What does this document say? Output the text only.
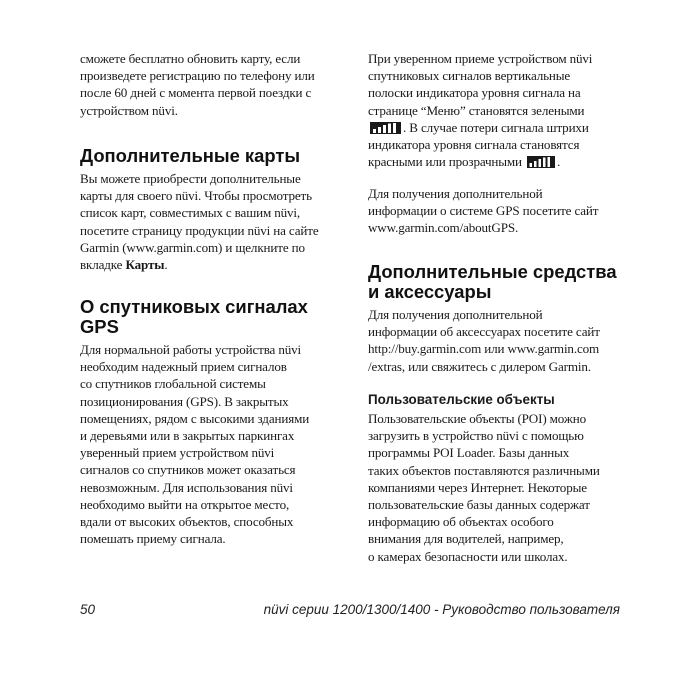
сможете бесплатно обновить карту, если
произведете регистрацию по телефону или
после 60 дней с момента первой поездки с
устройством nüvi.

Дополнительные карты

Вы можете приобрести дополнительные
карты для своего nüvi. Чтобы просмотреть
список карт, совместимых с вашим nüvi,
посетите страницу продукции nüvi на сайте
Garmin (www.garmin.com) и щелкните по
вкладке Карты.

О спутниковых сигналах
GPS

Для нормальной работы устройства nüvi
необходим надежный прием сигналов
со спутников глобальной системы
позиционирования (GPS). В закрытых
помещениях, рядом с высокими зданиями
и деревьями или в закрытых паркингах
уверенный прием устройством nüvi
сигналов со спутников может оказаться
невозможным. Для использования nüvi
необходимо выйти на открытое место,
вдали от высоких объектов, способных
помешать приему сигнала.

При уверенном приеме устройством nüvi
спутниковых сигналов вертикальные
полоски индикатора уровня сигнала на
странице “Меню” становятся зелеными

. В случае потери сигнала штрихи
индикатора уровня сигнала становятся
красными или прозрачными	.

Для получения дополнительной
информации о системе GPS посетите сайт
www.garmin.com/aboutGPS.

Дополнительные средства
и аксессуары

Для получения дополнительной
информации об аксессуарах посетите сайт
http://buy.garmin.com или www.garmin.com
/extras, или свяжитесь с дилером Garmin.

Пользовательские объекты

Пользовательские объекты (POI) можно
загрузить в устройство nüvi с помощью
программы POI Loader. Базы данных
таких объектов поставляются различными
компаниями через Интернет. Некоторые
пользовательские базы данных содержат
информацию об объектах особого
внимания для водителей, например,
о камерах безопасности или школах.

50	nüvi серии 1200/1300/1400 - Руководство пользователя
